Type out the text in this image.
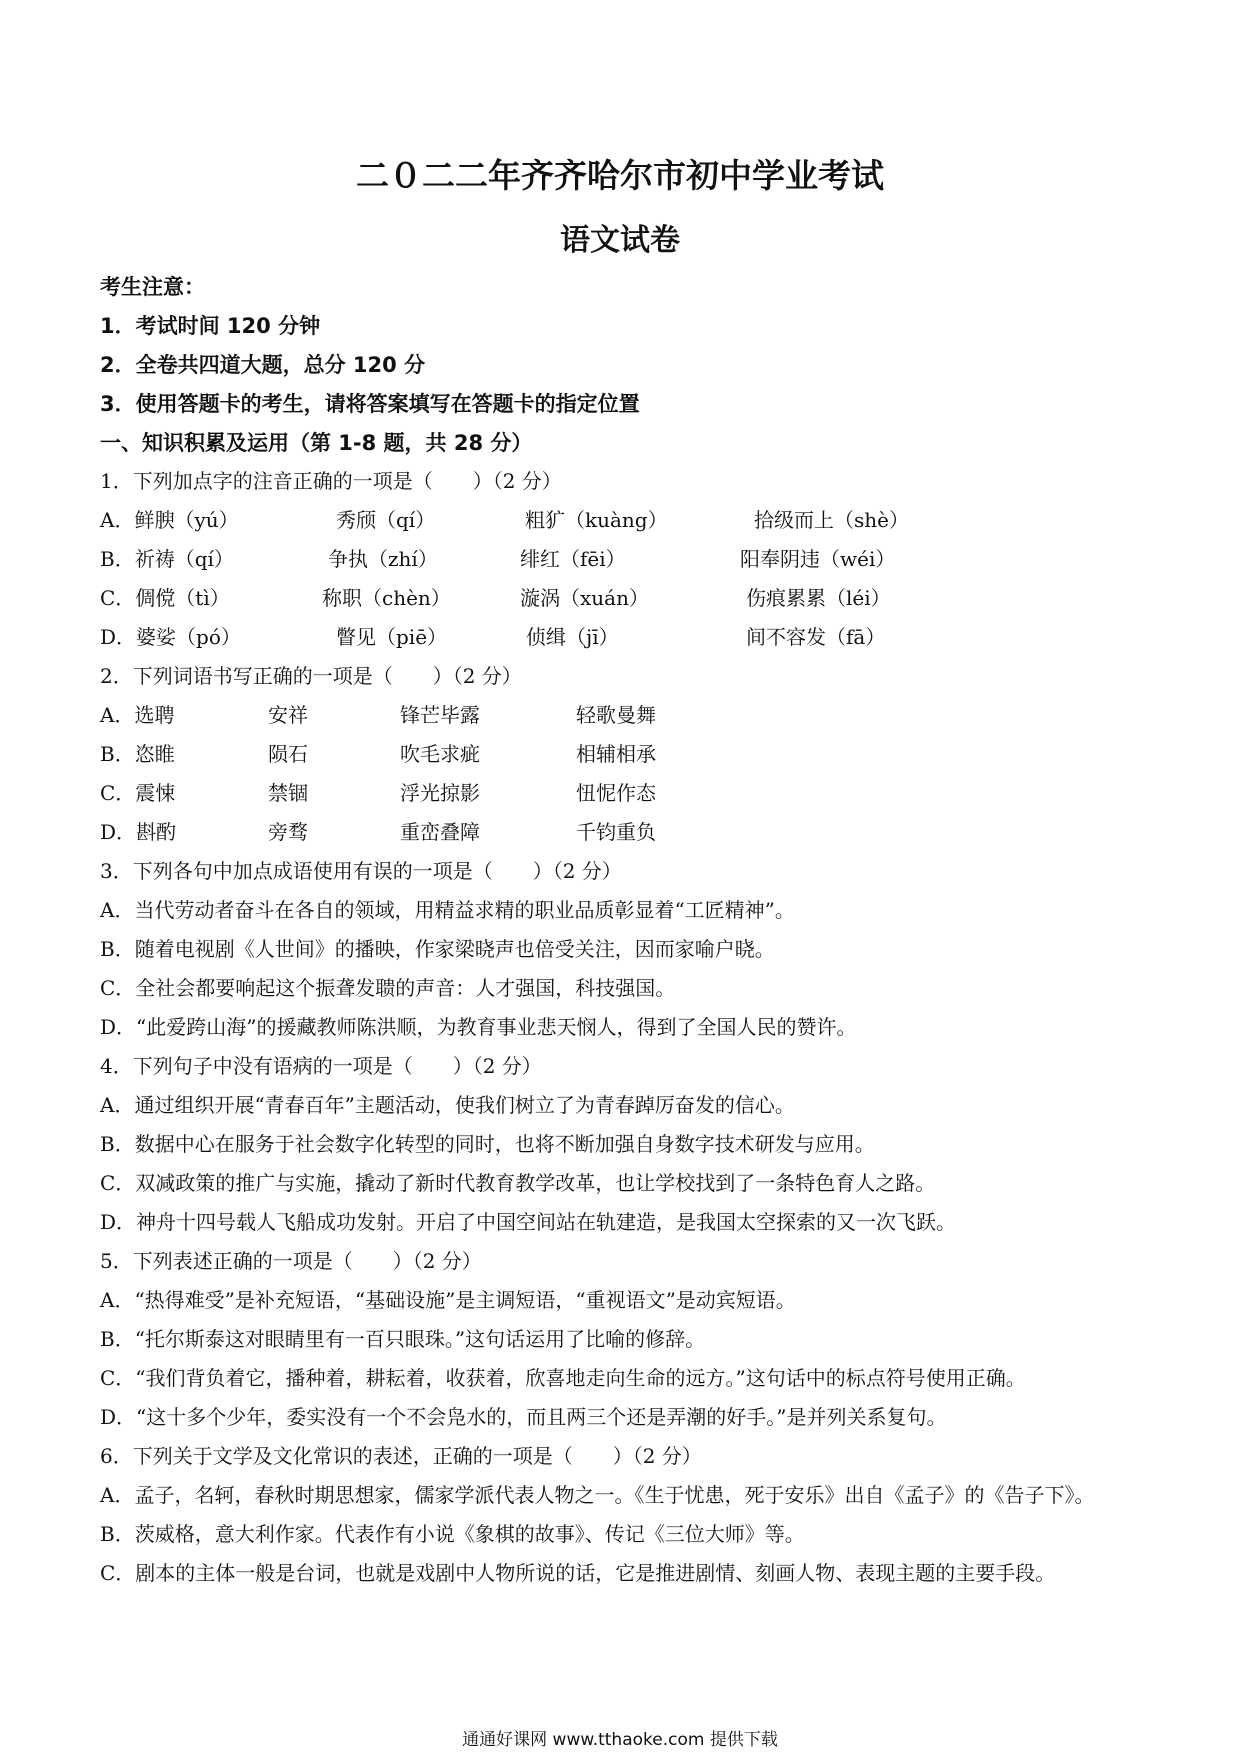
二０二二年齐齐哈尔市初中学业考试
语文试卷
考生注意：
1．考试时间 120 分钟
2．全卷共四道大题，总分 120 分
3．使用答题卡的考生，请将答案填写在答题卡的指定位置
一、知识积累及运用（第 1-8 题，共 28 分）
1．下列加点字的注音正确的一项是（　　）（2 分）
A．鲜腴（yú）	秀颀（qí）	粗犷（kuàng）	拾级而上（shè）
B．祈祷（qí）	争执（zhí）	绯红（fēi）	阳奉阴违（wéi）
C．倜傥（tì）	称职（chèn）	漩涡（xuán）	伤痕累累（léi）
D．婆娑（pó）	瞥见（piē）	侦缉（jī）	间不容发（fā）
2．下列词语书写正确的一项是（　　）（2 分）
A．选聘	安祥	锋芒毕露	轻歌曼舞
B．恣睢	陨石	吹毛求疵	相辅相承
C．震悚	禁锢	浮光掠影	忸怩作态
D．斟酌	旁骛	重峦叠障	千钧重负
3．下列各句中加点成语使用有误的一项是（　　）（2 分）
A．当代劳动者奋斗在各自的领域，用精益求精的职业品质彰显着“工匠精神”。
B．随着电视剧《人世间》的播映，作家梁晓声也倍受关注，因而家喻户晓。
C．全社会都要响起这个振聋发聩的声音：人才强国，科技强国。
D．“此爱跨山海”的援藏教师陈洪顺，为教育事业悲天悯人，得到了全国人民的赞许。
4．下列句子中没有语病的一项是（　　）（2 分）
A．通过组织开展“青春百年”主题活动，使我们树立了为青春踔厉奋发的信心。
B．数据中心在服务于社会数字化转型的同时，也将不断加强自身数字技术研发与应用。
C．双减政策的推广与实施，撬动了新时代教育教学改革，也让学校找到了一条特色育人之路。
D．神舟十四号载人飞船成功发射。开启了中国空间站在轨建造，是我国太空探索的又一次飞跃。
5．下列表述正确的一项是（　　）（2 分）
A．“热得难受”是补充短语，“基础设施”是主调短语，“重视语文”是动宾短语。
B．“托尔斯泰这对眼睛里有一百只眼珠。”这句话运用了比喻的修辞。
C．“我们背负着它，播种着，耕耘着，收获着，欣喜地走向生命的远方。”这句话中的标点符号使用正确。
D．“这十多个少年，委实没有一个不会凫水的，而且两三个还是弄潮的好手。”是并列关系复句。
6．下列关于文学及文化常识的表述，正确的一项是（　　）（2 分）
A．孟子，名轲，春秋时期思想家，儒家学派代表人物之一。《生于忧患，死于安乐》出自《孟子》的《告子下》。
B．茨威格，意大利作家。代表作有小说《象棋的故事》、传记《三位大师》等。
C．剧本的主体一般是台词，也就是戏剧中人物所说的话，它是推进剧情、刻画人物、表现主题的主要手段。
通通好课网 www.tthaoke.com 提供下载
